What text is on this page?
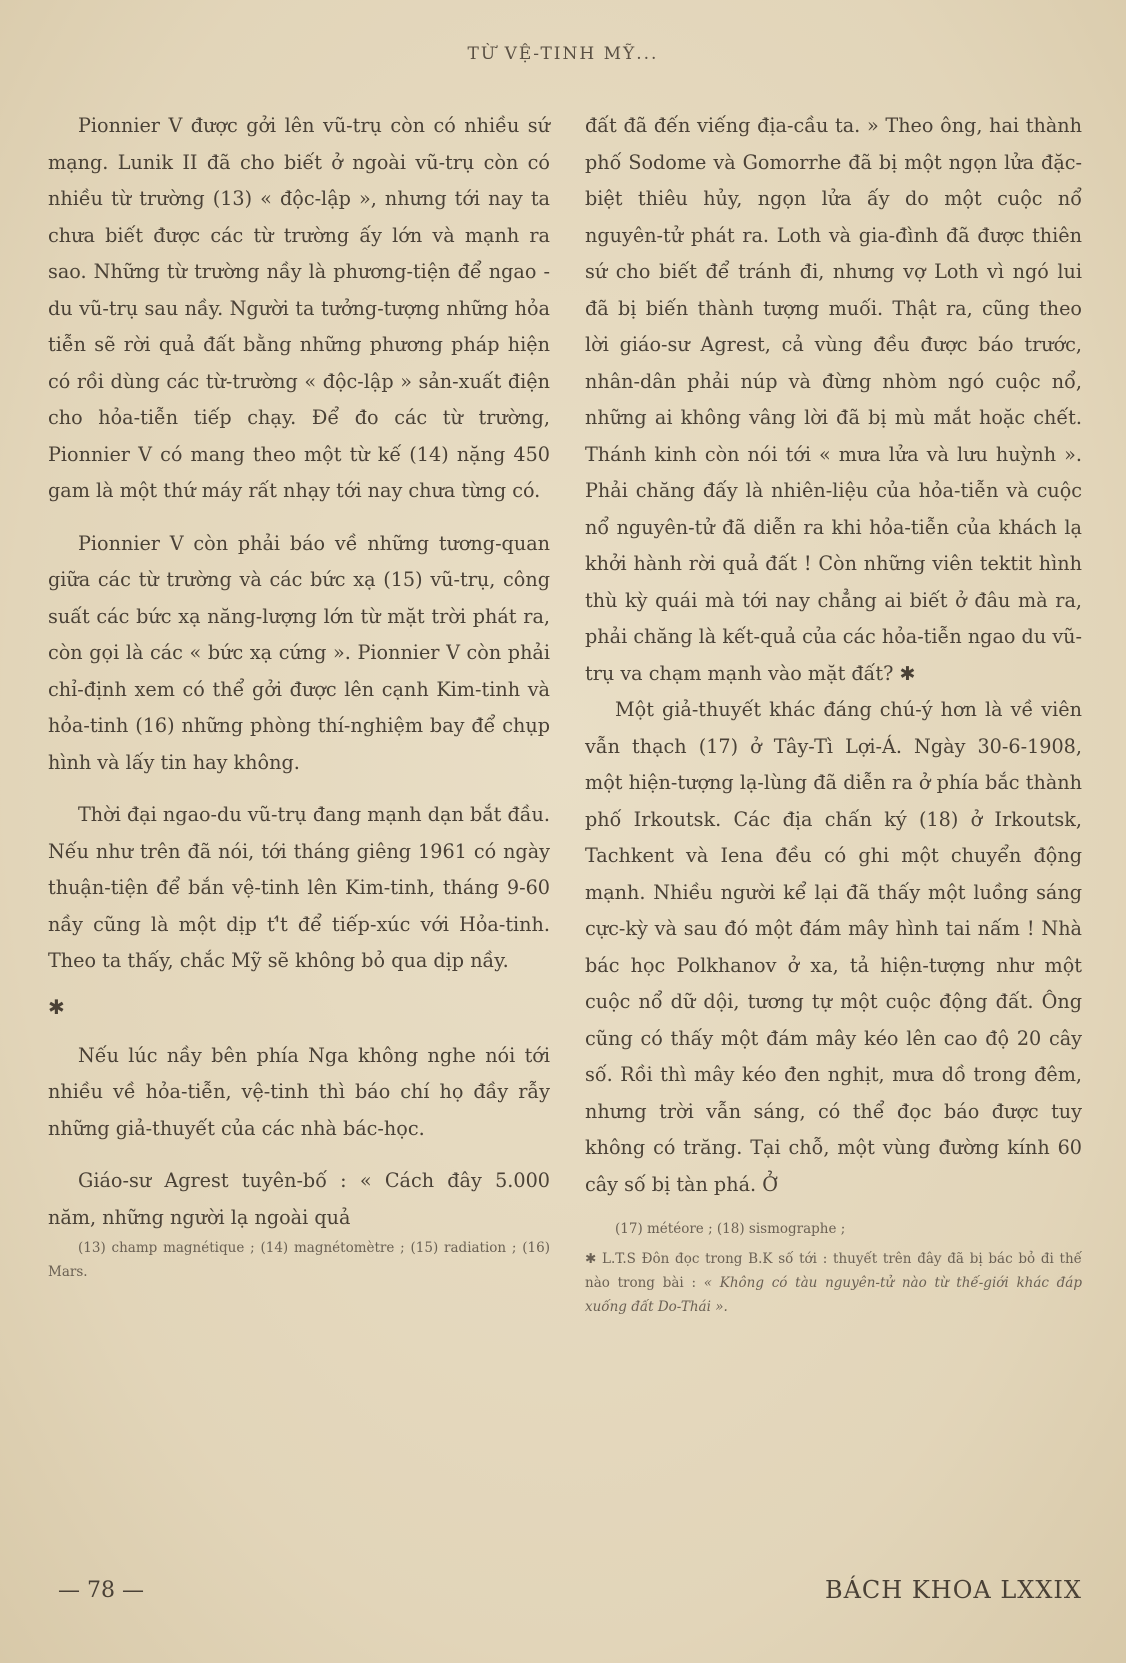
TỪ VỆ-TINH MỸ...

Pionnier V được gởi lên vũ-trụ còn có nhiều sứ mạng. Lunik II đã cho biết ở ngoài vũ-trụ còn có nhiều từ trường (13) « độc-lập », nhưng tới nay ta chưa biết được các từ trường ấy lớn và mạnh ra sao. Những từ trường nầy là phương-tiện để ngao - du vũ-trụ sau nầy. Người ta tưởng-tượng những hỏa tiễn sẽ rời quả đất bằng những phương pháp hiện có rồi dùng các từ-trường « độc-lập » sản-xuất điện cho hỏa-tiễn tiếp chạy. Để đo các từ trường, Pionnier V có mang theo một từ kế (14) nặng 450 gam là một thứ máy rất nhạy tới nay chưa từng có.

Pionnier V còn phải báo về những tương-quan giữa các từ trường và các bức xạ (15) vũ-trụ, công suất các bức xạ năng-lượng lớn từ mặt trời phát ra, còn gọi là các « bức xạ cứng ». Pionnier V còn phải chỉ-định xem có thể gởi được lên cạnh Kim-tinh và hỏa-tinh (16) những phòng thí-nghiệm bay để chụp hình và lấy tin hay không.

Thời đại ngao-du vũ-trụ đang mạnh dạn bắt đầu. Nếu như trên đã nói, tới tháng giêng 1961 có ngày thuận-tiện để bắn vệ-tinh lên Kim-tinh, tháng 9-60 nầy cũng là một dịp t'́t để tiếp-xúc với Hỏa-tinh. Theo ta thấy, chắc Mỹ sẽ không bỏ qua dịp nầy.

✱

Nếu lúc nầy bên phía Nga không nghe nói tới nhiều về hỏa-tiễn, vệ-tinh thì báo chí họ đầy rẫy những giả-thuyết của các nhà bác-học.

Giáo-sư Agrest tuyên-bố : « Cách đây 5.000 năm, những người lạ ngoài quả

(13) champ magnétique ; (14) magnétomètre ; (15) radiation ; (16) Mars.

đất đã đến viếng địa-cầu ta. » Theo ông, hai thành phố Sodome và Gomorrhe đã bị một ngọn lửa đặc-biệt thiêu hủy, ngọn lửa ấy do một cuộc nổ nguyên-tử phát ra. Loth và gia-đình đã được thiên sứ cho biết để tránh đi, nhưng vợ Loth vì ngó lui đã bị biến thành tượng muối. Thật ra, cũng theo lời giáo-sư Agrest, cả vùng đều được báo trước, nhân-dân phải núp và đừng nhòm ngó cuộc nổ, những ai không vâng lời đã bị mù mắt hoặc chết. Thánh kinh còn nói tới « mưa lửa và lưu huỳnh ». Phải chăng đấy là nhiên-liệu của hỏa-tiễn và cuộc nổ nguyên-tử đã diễn ra khi hỏa-tiễn của khách lạ khởi hành rời quả đất ! Còn những viên tektit hình thù kỳ quái mà tới nay chẳng ai biết ở đâu mà ra, phải chăng là kết-quả của các hỏa-tiễn ngao du vũ-trụ va chạm mạnh vào mặt đất? ✱

Một giả-thuyết khác đáng chú-ý hơn là về viên vẫn thạch (17) ở Tây-Tì Lợi-Á. Ngày 30-6-1908, một hiện-tượng lạ-lùng đã diễn ra ở phía bắc thành phố Irkoutsk. Các địa chấn ký (18) ở Irkoutsk, Tachkent và Iena đều có ghi một chuyển động mạnh. Nhiều người kể lại đã thấy một luồng sáng cực-kỳ và sau đó một đám mây hình tai nấm ! Nhà bác học Polkhanov ở xa, tả hiện-tượng như một cuộc nổ dữ dội, tương tự một cuộc động đất. Ông cũng có thấy một đám mây kéo lên cao độ 20 cây số. Rồi thì mây kéo đen nghịt, mưa dồ trong đêm, nhưng trời vẫn sáng, có thể đọc báo được tuy không có trăng. Tại chỗ, một vùng đường kính 60 cây số bị tàn phá. Ở

(17) météore ; (18) sismographe ;

✱ L.T.S Đôn đọc trong B.K số tới : thuyết trên đây đã bị bác bỏ đi thế nào trong bài : « Không có tàu nguyên-tử nào từ thế-giới khác đáp xuống đất Do-Thái ».
— 78 —	BÁCH KHOA LXXIX
